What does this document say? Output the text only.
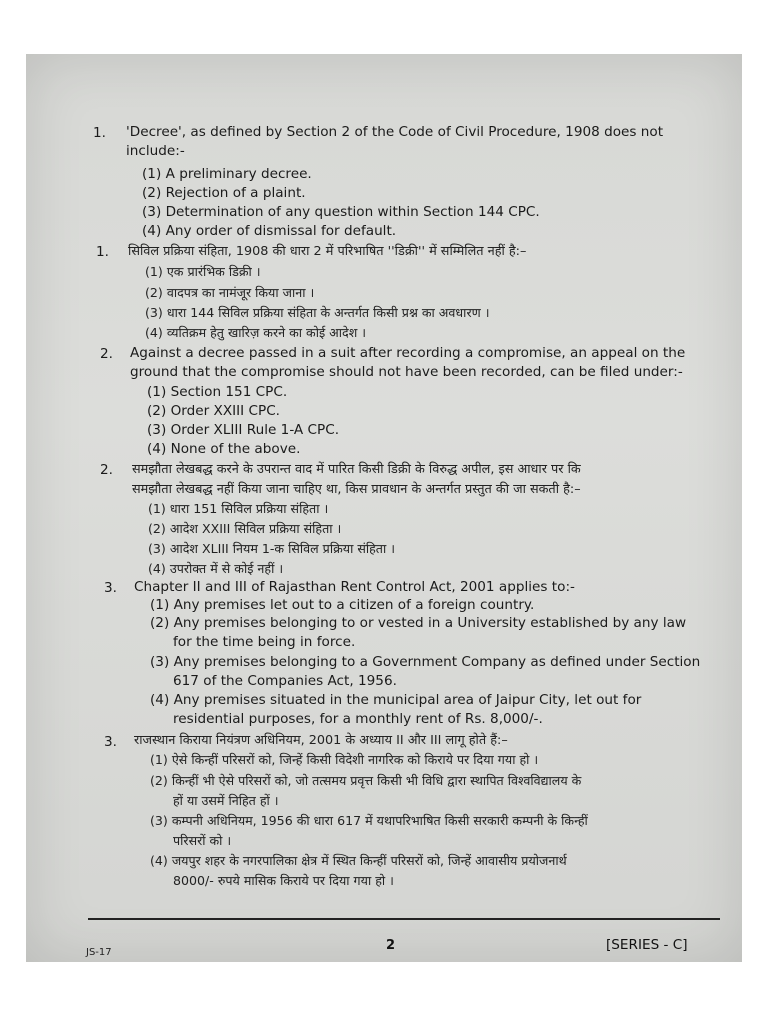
1. 'Decree', as defined by Section 2 of the Code of Civil Procedure, 1908 does not include:-
(1) A preliminary decree.
(2) Rejection of a plaint.
(3) Determination of any question within Section 144 CPC.
(4) Any order of dismissal for default.
1. सिविल प्रक्रिया संहिता, 1908 की धारा 2 में परिभाषित ''डिक्री'' में सम्मिलित नहीं है:–
(1) एक प्रारंभिक डिक्री ।
(2) वादपत्र का नामंजूर किया जाना ।
(3) धारा 144 सिविल प्रक्रिया संहिता के अन्तर्गत किसी प्रश्न का अवधारण ।
(4) व्यतिक्रम हेतु खारिज़ करने का कोई आदेश ।
2. Against a decree passed in a suit after recording a compromise, an appeal on the
ground that the compromise should not have been recorded, can be filed under:-
(1) Section 151 CPC.
(2) Order XXIII CPC.
(3) Order XLIII Rule 1-A CPC.
(4) None of the above.
2. समझौता लेखबद्ध करने के उपरान्त वाद में पारित किसी डिक्री के विरुद्ध अपील, इस आधार पर कि
समझौता लेखबद्ध नहीं किया जाना चाहिए था, किस प्रावधान के अन्तर्गत प्रस्तुत की जा सकती है:–
(1) धारा 151 सिविल प्रक्रिया संहिता ।
(2) आदेश XXIII सिविल प्रक्रिया संहिता ।
(3) आदेश XLIII नियम 1-क सिविल प्रक्रिया संहिता ।
(4) उपरोक्त में से कोई नहीं ।
3. Chapter II and III of Rajasthan Rent Control Act, 2001 applies to:-
(1) Any premises let out to a citizen of a foreign country.
(2) Any premises belonging to or vested in a University established by any law
for the time being in force.
(3) Any premises belonging to a Government Company as defined under Section
617 of the Companies Act, 1956.
(4) Any premises situated in the municipal area of Jaipur City, let out for
residential purposes, for a monthly rent of Rs. 8,000/-.
3. राजस्थान किराया नियंत्रण अधिनियम, 2001 के अध्याय II और III लागू होते हैं:–
(1) ऐसे किन्हीं परिसरों को, जिन्हें किसी विदेशी नागरिक को किराये पर दिया गया हो ।
(2) किन्हीं भी ऐसे परिसरों को, जो तत्समय प्रवृत्त किसी भी विधि द्वारा स्थापित विश्वविद्यालय के
हों या उसमें निहित हों ।
(3) कम्पनी अधिनियम, 1956 की धारा 617 में यथापरिभाषित किसी सरकारी कम्पनी के किन्हीं
परिसरों को ।
(4) जयपुर शहर के नगरपालिका क्षेत्र में स्थित किन्हीं परिसरों को, जिन्हें आवासीय प्रयोजनार्थ
8000/- रुपये मासिक किराये पर दिया गया हो ।
JS-17	2	[SERIES - C]
